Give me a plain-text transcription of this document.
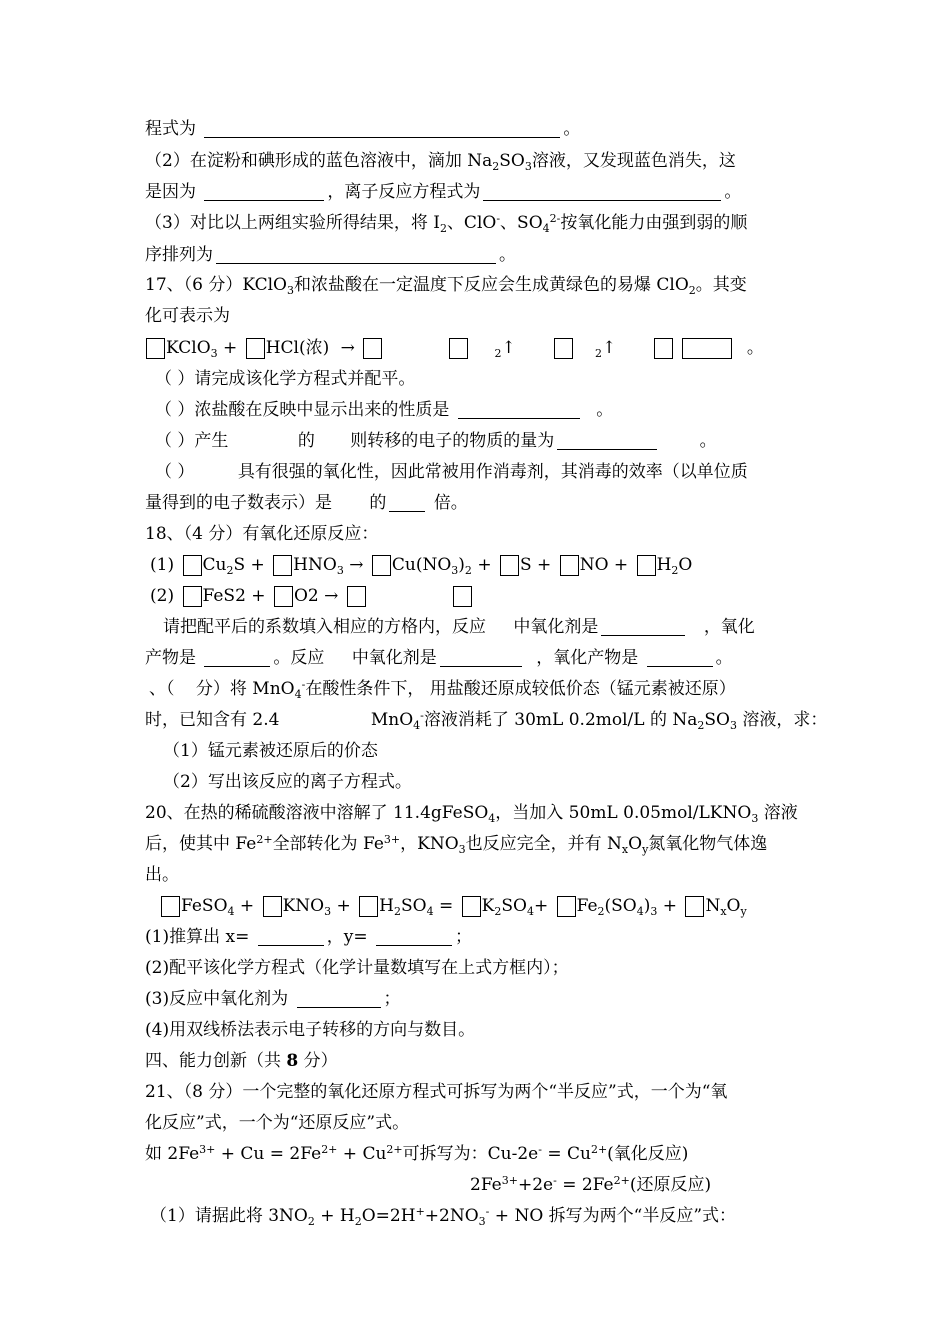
程式为	。
（2）在淀粉和碘形成的蓝色溶液中，滴加 $Na_2SO_3$溶液，又发现蓝色消失，这
是因为	，离子反应方程式为	。
（3）对比以上两组实验所得结果，将 $I_2$、ClO-、$SO_4^{2-}$按氧化能力由强到弱的顺
序排列为	。
17、（6 分）KClO$_3$和浓盐酸在一定温度下反应会生成黄绿色的易爆 ClO$_2$。其变
化可表示为
KClO$_3$ + HCl(浓) →	$_2$↑	$_2$↑	。
（ ）请完成该化学方程式并配平。
（ ）浓盐酸在反映中显示出来的性质是	。
（ ）产生	的 则转移的电子的物质的量为	。
（ ）	具有很强的氧化性，因此常被用作消毒剂，其消毒的效率（以单位质
量得到的电子数表示）是 的	倍。
18、（4 分）有氧化还原反应：
(1) $Cu_2S + HNO_3 \to Cu(NO_3)_2 + S$ + NO + $H_2O$
(2) FeS2 + O2 →
请把配平后的系数填入相应的方格内，反应 中氧化剂是	，氧化
产物是	。反应 中氧化剂是	，氧化产物是	。
、（ 分）将 MnO$_4$-在酸性条件下， 用盐酸还原成较低价态（锰元素被还原）
时，已知含有 2.4	MnO$_4$-溶液消耗了 30mL 0.2mol/L 的 $Na_2SO_3$ 溶液，求：
（1）锰元素被还原后的价态
（2）写出该反应的离子方程式。
20、在热的稀硫酸溶液中溶解了 11.4gFeSO$_4$，当加入 50mL $0.05mol/LKNO_3$ 溶液
后，使其中 $Fe^{2+}$全部转化为 $Fe^{3+}$，$KNO_3$也反应完全，并有 $N_xO_y$氮氧化物气体逸
出。
FeSO$_4$ + $KNO_3 + H_2SO_4 = K_2SO_4+ Fe_2(SO_4)_3 + N_xO_y$
(1)推算出 x=	，y=	；
(2)配平该化学方程式（化学计量数填写在上式方框内）；
(3)反应中氧化剂为	；
(4)用双线桥法表示电子转移的方向与数目。
四、能力创新（共 8 分）
21、（8 分）一个完整的氧化还原方程式可拆写为两个“半反应”式，一个为“氧
化反应”式，一个为“还原反应”式。
如 $2Fe^{3+} + Cu = 2Fe^{2+} + Cu^{2+}$可拆写为：$Cu-2e^- = Cu^{2+}$(氧化反应)
$2Fe^{3+}+2e^- = 2Fe^{2+}$(还原反应)
（1）请据此将 $3NO_2 + H_2O=2H^++2NO_3^-$ + NO 拆写为两个“半反应”式：
